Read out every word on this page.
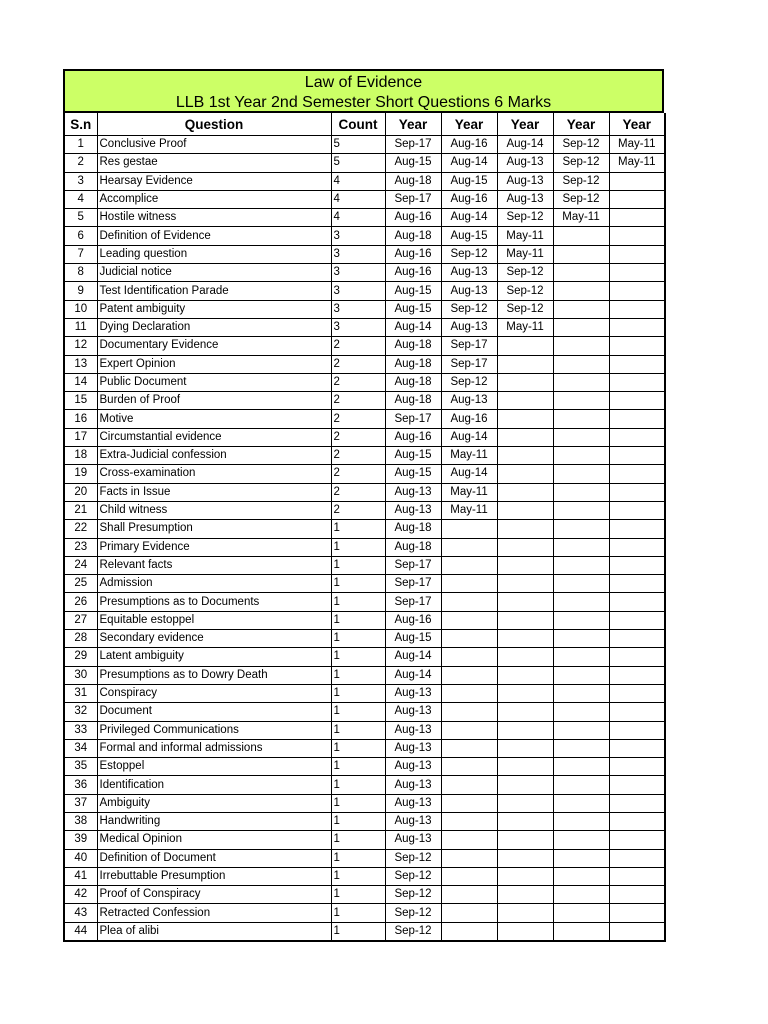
Law of Evidence
LLB 1st Year 2nd Semester Short Questions 6 Marks
S.n	Question	Count	Year	Year	Year	Year	Year
1	Conclusive Proof	5	Sep-17	Aug-16	Aug-14	Sep-12	May-11
2	Res gestae	5	Aug-15	Aug-14	Aug-13	Sep-12	May-11
3	Hearsay Evidence	4	Aug-18	Aug-15	Aug-13	Sep-12	
4	Accomplice	4	Sep-17	Aug-16	Aug-13	Sep-12	
5	Hostile witness	4	Aug-16	Aug-14	Sep-12	May-11	
6	Definition of Evidence	3	Aug-18	Aug-15	May-11		
7	Leading question	3	Aug-16	Sep-12	May-11		
8	Judicial notice	3	Aug-16	Aug-13	Sep-12		
9	Test Identification Parade	3	Aug-15	Aug-13	Sep-12		
10	Patent ambiguity	3	Aug-15	Sep-12	Sep-12		
11	Dying Declaration	3	Aug-14	Aug-13	May-11		
12	Documentary Evidence	2	Aug-18	Sep-17			
13	Expert Opinion	2	Aug-18	Sep-17			
14	Public Document	2	Aug-18	Sep-12			
15	Burden of Proof	2	Aug-18	Aug-13			
16	Motive	2	Sep-17	Aug-16			
17	Circumstantial evidence	2	Aug-16	Aug-14			
18	Extra-Judicial confession	2	Aug-15	May-11			
19	Cross-examination	2	Aug-15	Aug-14			
20	Facts in Issue	2	Aug-13	May-11			
21	Child witness	2	Aug-13	May-11			
22	Shall Presumption	1	Aug-18				
23	Primary Evidence	1	Aug-18				
24	Relevant facts	1	Sep-17				
25	Admission	1	Sep-17				
26	Presumptions as to Documents	1	Sep-17				
27	Equitable estoppel	1	Aug-16				
28	Secondary evidence	1	Aug-15				
29	Latent ambiguity	1	Aug-14				
30	Presumptions as to Dowry Death	1	Aug-14				
31	Conspiracy	1	Aug-13				
32	Document	1	Aug-13				
33	Privileged Communications	1	Aug-13				
34	Formal and informal admissions	1	Aug-13				
35	Estoppel	1	Aug-13				
36	Identification	1	Aug-13				
37	Ambiguity	1	Aug-13				
38	Handwriting	1	Aug-13				
39	Medical Opinion	1	Aug-13				
40	Definition of Document	1	Sep-12				
41	Irrebuttable Presumption	1	Sep-12				
42	Proof of Conspiracy	1	Sep-12				
43	Retracted Confession	1	Sep-12				
44	Plea of alibi	1	Sep-12				
